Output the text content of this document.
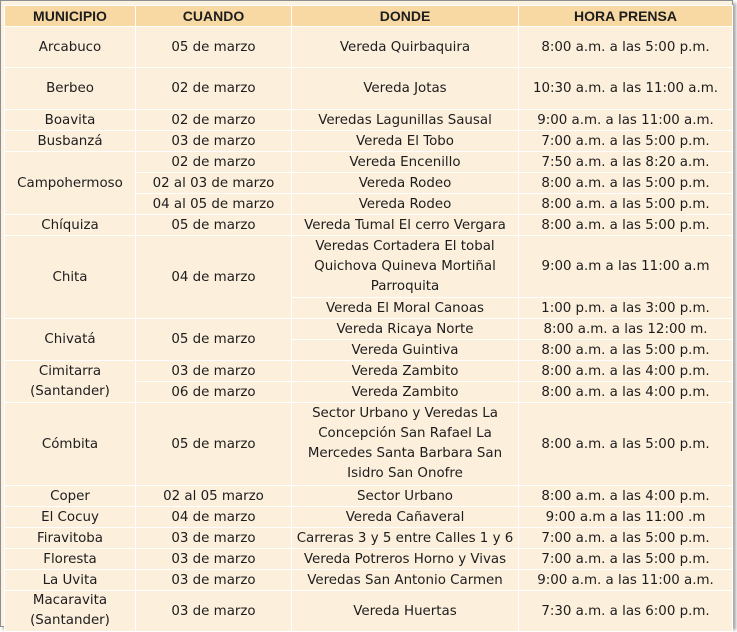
MUNICIPIO	CUANDO	DONDE	HORA PRENSA
Arcabuco	05 de marzo	Vereda Quirbaquira	8:00 a.m. a las 5:00 p.m.
Berbeo	02 de marzo	Vereda Jotas	10:30 a.m. a las 11:00 a.m.
Boavita	02 de marzo	Veredas Lagunillas Sausal	9:00 a.m. a las 11:00 a.m.
Busbanzá	03 de marzo	Vereda El Tobo	7:00 a.m. a las 5:00 p.m.
Campohermoso	02 de marzo	Vereda Encenillo	7:50 a.m. a las 8:20 a.m.
	02 al 03 de marzo	Vereda Rodeo	8:00 a.m. a las 5:00 p.m.
	04 al 05 de marzo	Vereda Rodeo	8:00 a.m. a las 5:00 p.m.
Chíquiza	05 de marzo	Vereda Tumal El cerro Vergara	8:00 a.m. a las 5:00 p.m.
Chita	04 de marzo	Veredas Cortadera El tobal Quichova Quineva Mortiñal Parroquita	9:00 a.m a las 11:00 a.m
		Vereda El Moral Canoas	1:00 p.m. a las 3:00 p.m.
Chivatá	05 de marzo	Vereda Ricaya Norte	8:00 a.m. a las 12:00 m.
		Vereda Guintiva	8:00 a.m. a las 5:00 p.m.
Cimitarra (Santander)	03 de marzo	Vereda Zambito	8:00 a.m. a las 4:00 p.m.
	06 de marzo	Vereda Zambito	8:00 a.m. a las 4:00 p.m.
Cómbita	05 de marzo	Sector Urbano y Veredas La Concepción San Rafael La Mercedes Santa Barbara San Isidro San Onofre	8:00 a.m. a las 5:00 p.m.
Coper	02 al 05 marzo	Sector Urbano	8:00 a.m. a las 4:00 p.m.
El Cocuy	04 de marzo	Vereda Cañaveral	9:00 a.m a las 11:00 .m
Firavitoba	03 de marzo	Carreras 3 y 5 entre Calles 1 y 6	7:00 a.m. a las 5:00 p.m.
Floresta	03 de marzo	Vereda Potreros Horno y Vivas	7:00 a.m. a las 5:00 p.m.
La Uvita	03 de marzo	Veredas San Antonio Carmen	9:00 a.m. a las 11:00 a.m.
Macaravita (Santander)	03 de marzo	Vereda Huertas	7:30 a.m. a las 6:00 p.m.
